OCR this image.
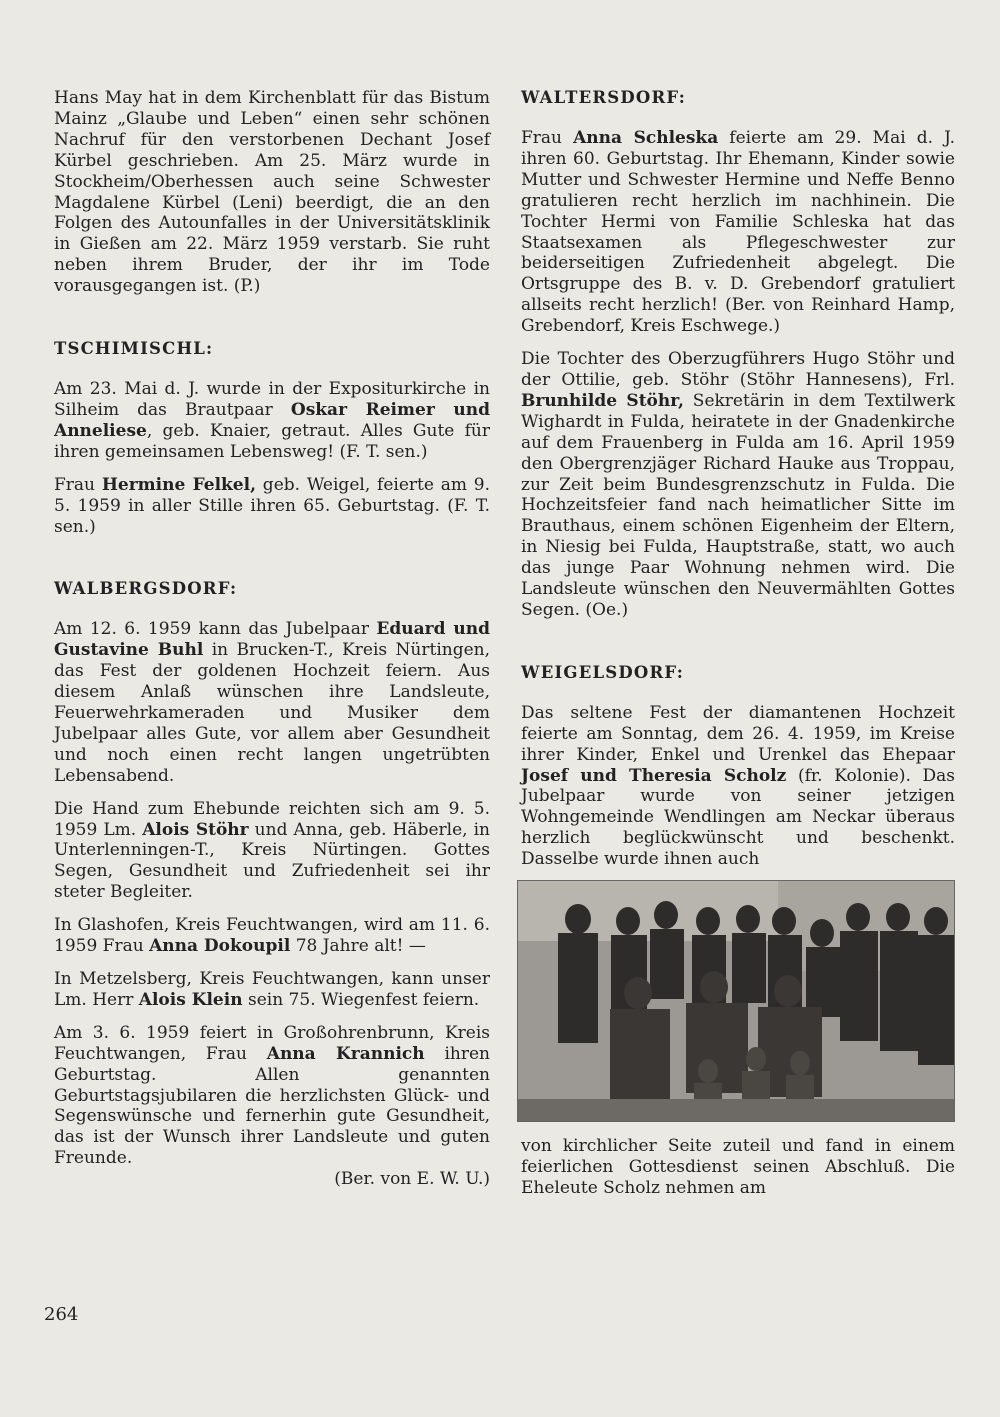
Hans May hat in dem Kirchenblatt für das Bistum Mainz „Glaube und Leben“ einen sehr schönen Nachruf für den verstorbenen Dechant Josef Kürbel geschrieben. Am 25. März wurde in Stockheim/Oberhessen auch seine Schwester Magdalene Kürbel (Leni) beerdigt, die an den Folgen des Autounfalles in der Universitätsklinik in Gießen am 22. März 1959 verstarb. Sie ruht neben ihrem Bruder, der ihr im Tode vorausgegangen ist. (P.)

TSCHIMISCHL:

Am 23. Mai d. J. wurde in der Expositurkirche in Silheim das Brautpaar Oskar Reimer und Anneliese, geb. Knaier, getraut. Alles Gute für ihren gemeinsamen Lebensweg! (F. T. sen.)

Frau Hermine Felkel, geb. Weigel, feierte am 9. 5. 1959 in aller Stille ihren 65. Geburtstag. (F. T. sen.)

WALBERGSDORF:

Am 12. 6. 1959 kann das Jubelpaar Eduard und Gustavine Buhl in Brucken-T., Kreis Nürtingen, das Fest der goldenen Hochzeit feiern. Aus diesem Anlaß wünschen ihre Landsleute, Feuerwehrkameraden und Musiker dem Jubelpaar alles Gute, vor allem aber Gesundheit und noch einen recht langen ungetrübten Lebensabend.

Die Hand zum Ehebunde reichten sich am 9. 5. 1959 Lm. Alois Stöhr und Anna, geb. Häberle, in Unterlenningen-T., Kreis Nürtingen. Gottes Segen, Gesundheit und Zufriedenheit sei ihr steter Begleiter.

In Glashofen, Kreis Feuchtwangen, wird am 11. 6. 1959 Frau Anna Dokoupil 78 Jahre alt! —

In Metzelsberg, Kreis Feuchtwangen, kann unser Lm. Herr Alois Klein sein 75. Wiegenfest feiern.

Am 3. 6. 1959 feiert in Großohrenbrunn, Kreis Feuchtwangen, Frau Anna Krannich ihren Geburtstag. Allen genannten Geburtstagsjubilaren die herzlichsten Glück- und Segenswünsche und fernerhin gute Gesundheit, das ist der Wunsch ihrer Landsleute und guten Freunde.

(Ber. von E. W. U.)

WALTERSDORF:

Frau Anna Schleska feierte am 29. Mai d. J. ihren 60. Geburtstag. Ihr Ehemann, Kinder sowie Mutter und Schwester Hermine und Neffe Benno gratulieren recht herzlich im nachhinein. Die Tochter Hermi von Familie Schleska hat das Staatsexamen als Pflegeschwester zur beiderseitigen Zufriedenheit abgelegt. Die Ortsgruppe des B. v. D. Grebendorf gratuliert allseits recht herzlich! (Ber. von Reinhard Hamp, Grebendorf, Kreis Eschwege.)

Die Tochter des Oberzugführers Hugo Stöhr und der Ottilie, geb. Stöhr (Stöhr Hannesens), Frl. Brunhilde Stöhr, Sekretärin in dem Textilwerk Wighardt in Fulda, heiratete in der Gnadenkirche auf dem Frauenberg in Fulda am 16. April 1959 den Obergrenzjäger Richard Hauke aus Troppau, zur Zeit beim Bundesgrenzschutz in Fulda. Die Hochzeitsfeier fand nach heimatlicher Sitte im Brauthaus, einem schönen Eigenheim der Eltern, in Niesig bei Fulda, Hauptstraße, statt, wo auch das junge Paar Wohnung nehmen wird. Die Landsleute wünschen den Neuvermählten Gottes Segen. (Oe.)

WEIGELSDORF:

Das seltene Fest der diamantenen Hochzeit feierte am Sonntag, dem 26. 4. 1959, im Kreise ihrer Kinder, Enkel und Urenkel das Ehepaar Josef und Theresia Scholz (fr. Kolonie). Das Jubelpaar wurde von seiner jetzigen Wohngemeinde Wendlingen am Neckar überaus herzlich beglückwünscht und beschenkt. Dasselbe wurde ihnen auch

von kirchlicher Seite zuteil und fand in einem feierlichen Gottesdienst seinen Abschluß. Die Eheleute Scholz nehmen am

264
